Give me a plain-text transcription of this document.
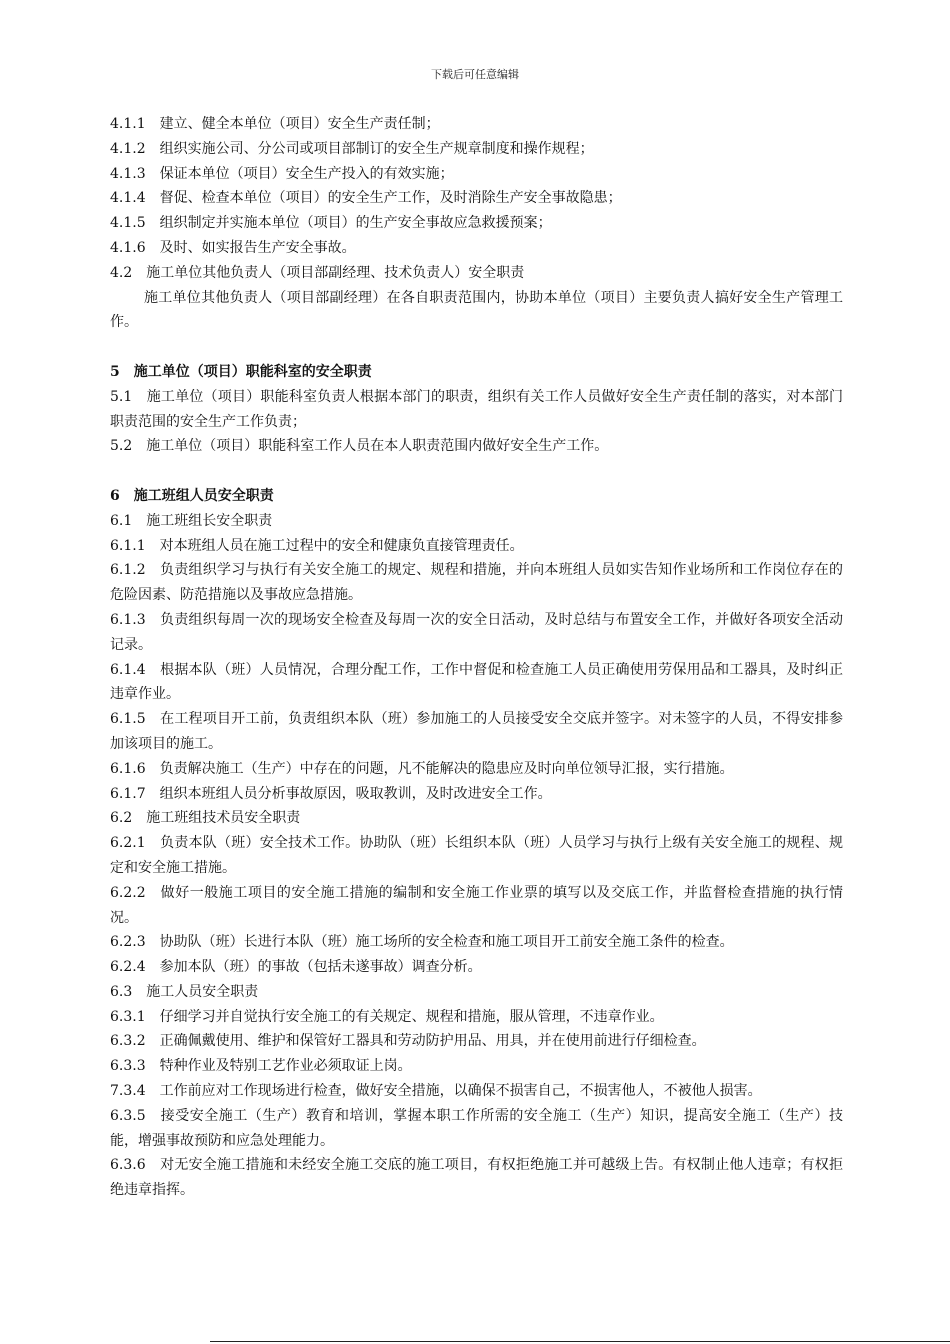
下载后可任意编辑
4.1.1　建立、健全本单位（项目）安全生产责任制；
4.1.2　组织实施公司、分公司或项目部制订的安全生产规章制度和操作规程；
4.1.3　保证本单位（项目）安全生产投入的有效实施；
4.1.4　督促、检查本单位（项目）的安全生产工作，及时消除生产安全事故隐患；
4.1.5　组织制定并实施本单位（项目）的生产安全事故应急救援预案；
4.1.6　及时、如实报告生产安全事故。
4.2　施工单位其他负责人（项目部副经理、技术负责人）安全职责
施工单位其他负责人（项目部副经理）在各自职责范围内，协助本单位（项目）主要负责人搞好安全生产管理工作。
5　施工单位（项目）职能科室的安全职责
5.1　施工单位（项目）职能科室负责人根据本部门的职责，组织有关工作人员做好安全生产责任制的落实，对本部门职责范围的安全生产工作负责；
5.2　施工单位（项目）职能科室工作人员在本人职责范围内做好安全生产工作。
6　施工班组人员安全职责
6.1　施工班组长安全职责
6.1.1　对本班组人员在施工过程中的安全和健康负直接管理责任。
6.1.2　负责组织学习与执行有关安全施工的规定、规程和措施，并向本班组人员如实告知作业场所和工作岗位存在的危险因素、防范措施以及事故应急措施。
6.1.3　负责组织每周一次的现场安全检查及每周一次的安全日活动，及时总结与布置安全工作，并做好各项安全活动记录。
6.1.4　根据本队（班）人员情况，合理分配工作，工作中督促和检查施工人员正确使用劳保用品和工器具，及时纠正违章作业。
6.1.5　在工程项目开工前，负责组织本队（班）参加施工的人员接受安全交底并签字。对未签字的人员，不得安排参加该项目的施工。
6.1.6　负责解决施工（生产）中存在的问题，凡不能解决的隐患应及时向单位领导汇报，实行措施。
6.1.7　组织本班组人员分析事故原因，吸取教训，及时改进安全工作。
6.2　施工班组技术员安全职责
6.2.1　负责本队（班）安全技术工作。协助队（班）长组织本队（班）人员学习与执行上级有关安全施工的规程、规定和安全施工措施。
6.2.2　做好一般施工项目的安全施工措施的编制和安全施工作业票的填写以及交底工作，并监督检查措施的执行情况。
6.2.3　协助队（班）长进行本队（班）施工场所的安全检查和施工项目开工前安全施工条件的检查。
6.2.4　参加本队（班）的事故（包括未遂事故）调查分析。
6.3　施工人员安全职责
6.3.1　仔细学习并自觉执行安全施工的有关规定、规程和措施，服从管理，不违章作业。
6.3.2　正确佩戴使用、维护和保管好工器具和劳动防护用品、用具，并在使用前进行仔细检查。
6.3.3　特种作业及特别工艺作业必须取证上岗。
7.3.4　工作前应对工作现场进行检查，做好安全措施，以确保不损害自己，不损害他人，不被他人损害。
6.3.5　接受安全施工（生产）教育和培训，掌握本职工作所需的安全施工（生产）知识，提高安全施工（生产）技能，增强事故预防和应急处理能力。
6.3.6　对无安全施工措施和未经安全施工交底的施工项目，有权拒绝施工并可越级上告。有权制止他人违章；有权拒绝违章指挥。
